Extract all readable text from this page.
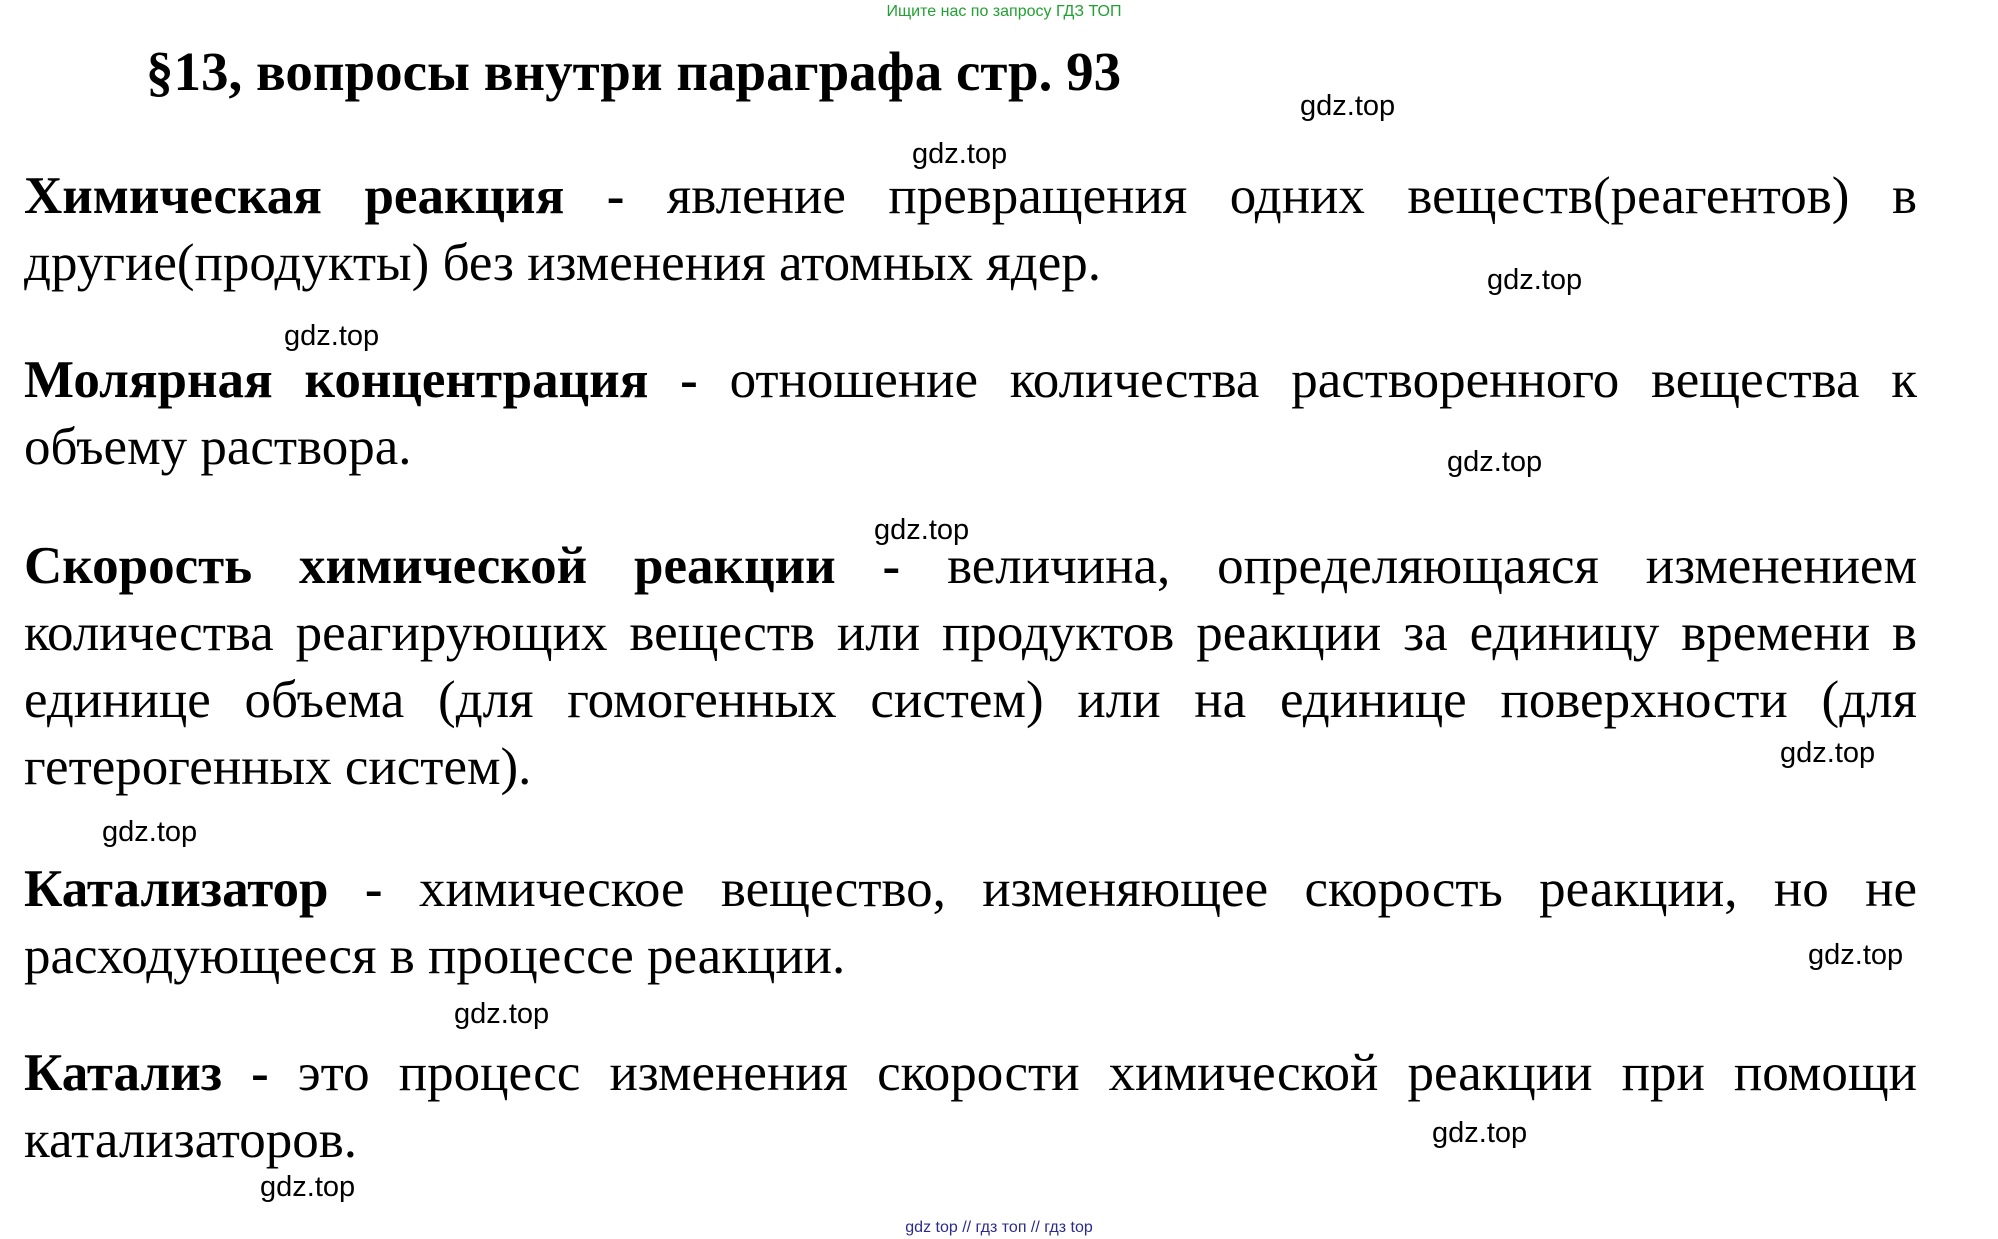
Ищите нас по запросу ГДЗ ТОП
§13, вопросы внутри параграфа стр. 93
Химическая реакция - явление превращения одних веществ(реагентов) в другие(продукты) без изменения атомных ядер.
Молярная концентрация - отношение количества растворенного вещества к объему раствора.
Скорость химической реакции - величина, определяющаяся изменением количества реагирующих веществ или продуктов реакции за единицу времени в единице объема (для гомогенных систем) или на единице поверхности (для гетерогенных систем).
Катализатор - химическое вещество, изменяющее скорость реакции, но не расходующееся в процессе реакции.
Катализ - это процесс изменения скорости химической реакции при помощи катализаторов.
gdz.top
gdz.top
gdz.top
gdz.top
gdz.top
gdz.top
gdz.top
gdz.top
gdz.top
gdz.top
gdz.top
gdz.top
gdz top // гдз топ // гдз top
